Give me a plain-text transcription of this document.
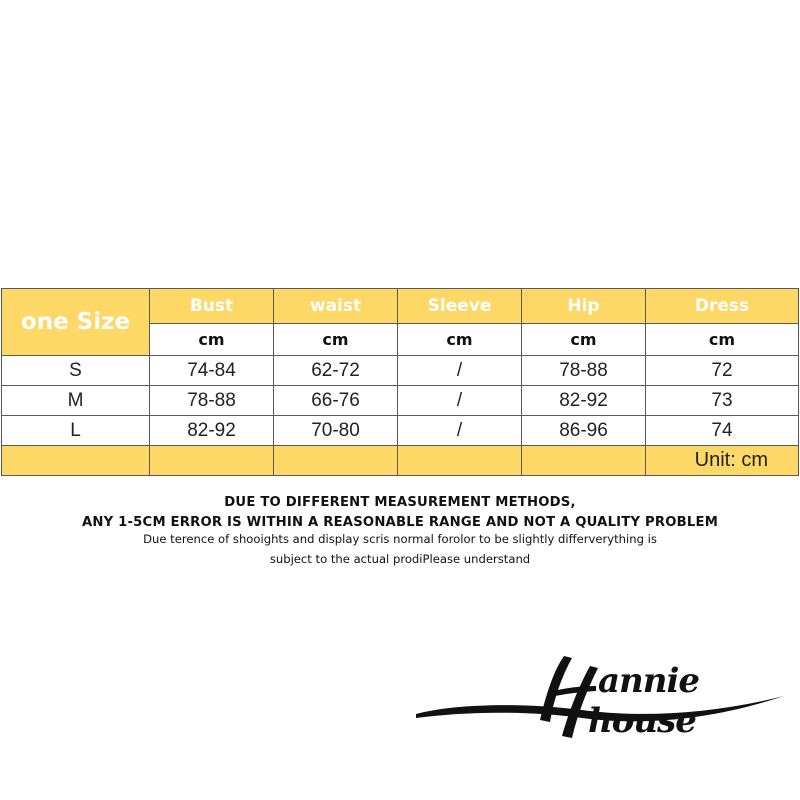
one Size	Bust	waist	Sleeve	Hip	Dress
	cm	cm	cm	cm	cm
S	74-84	62-72	/	78-88	72
M	78-88	66-76	/	82-92	73
L	82-92	70-80	/	86-96	74
					Unit: cm
DUE TO DIFFERENT MEASUREMENT METHODS,
ANY 1-5CM ERROR IS WITHIN A REASONABLE RANGE AND NOT A QUALITY PROBLEM
Due terence of shooights and display scris normal forolor to be slightly differverything is
subject to the actual prodiPlease understand
annie
house
